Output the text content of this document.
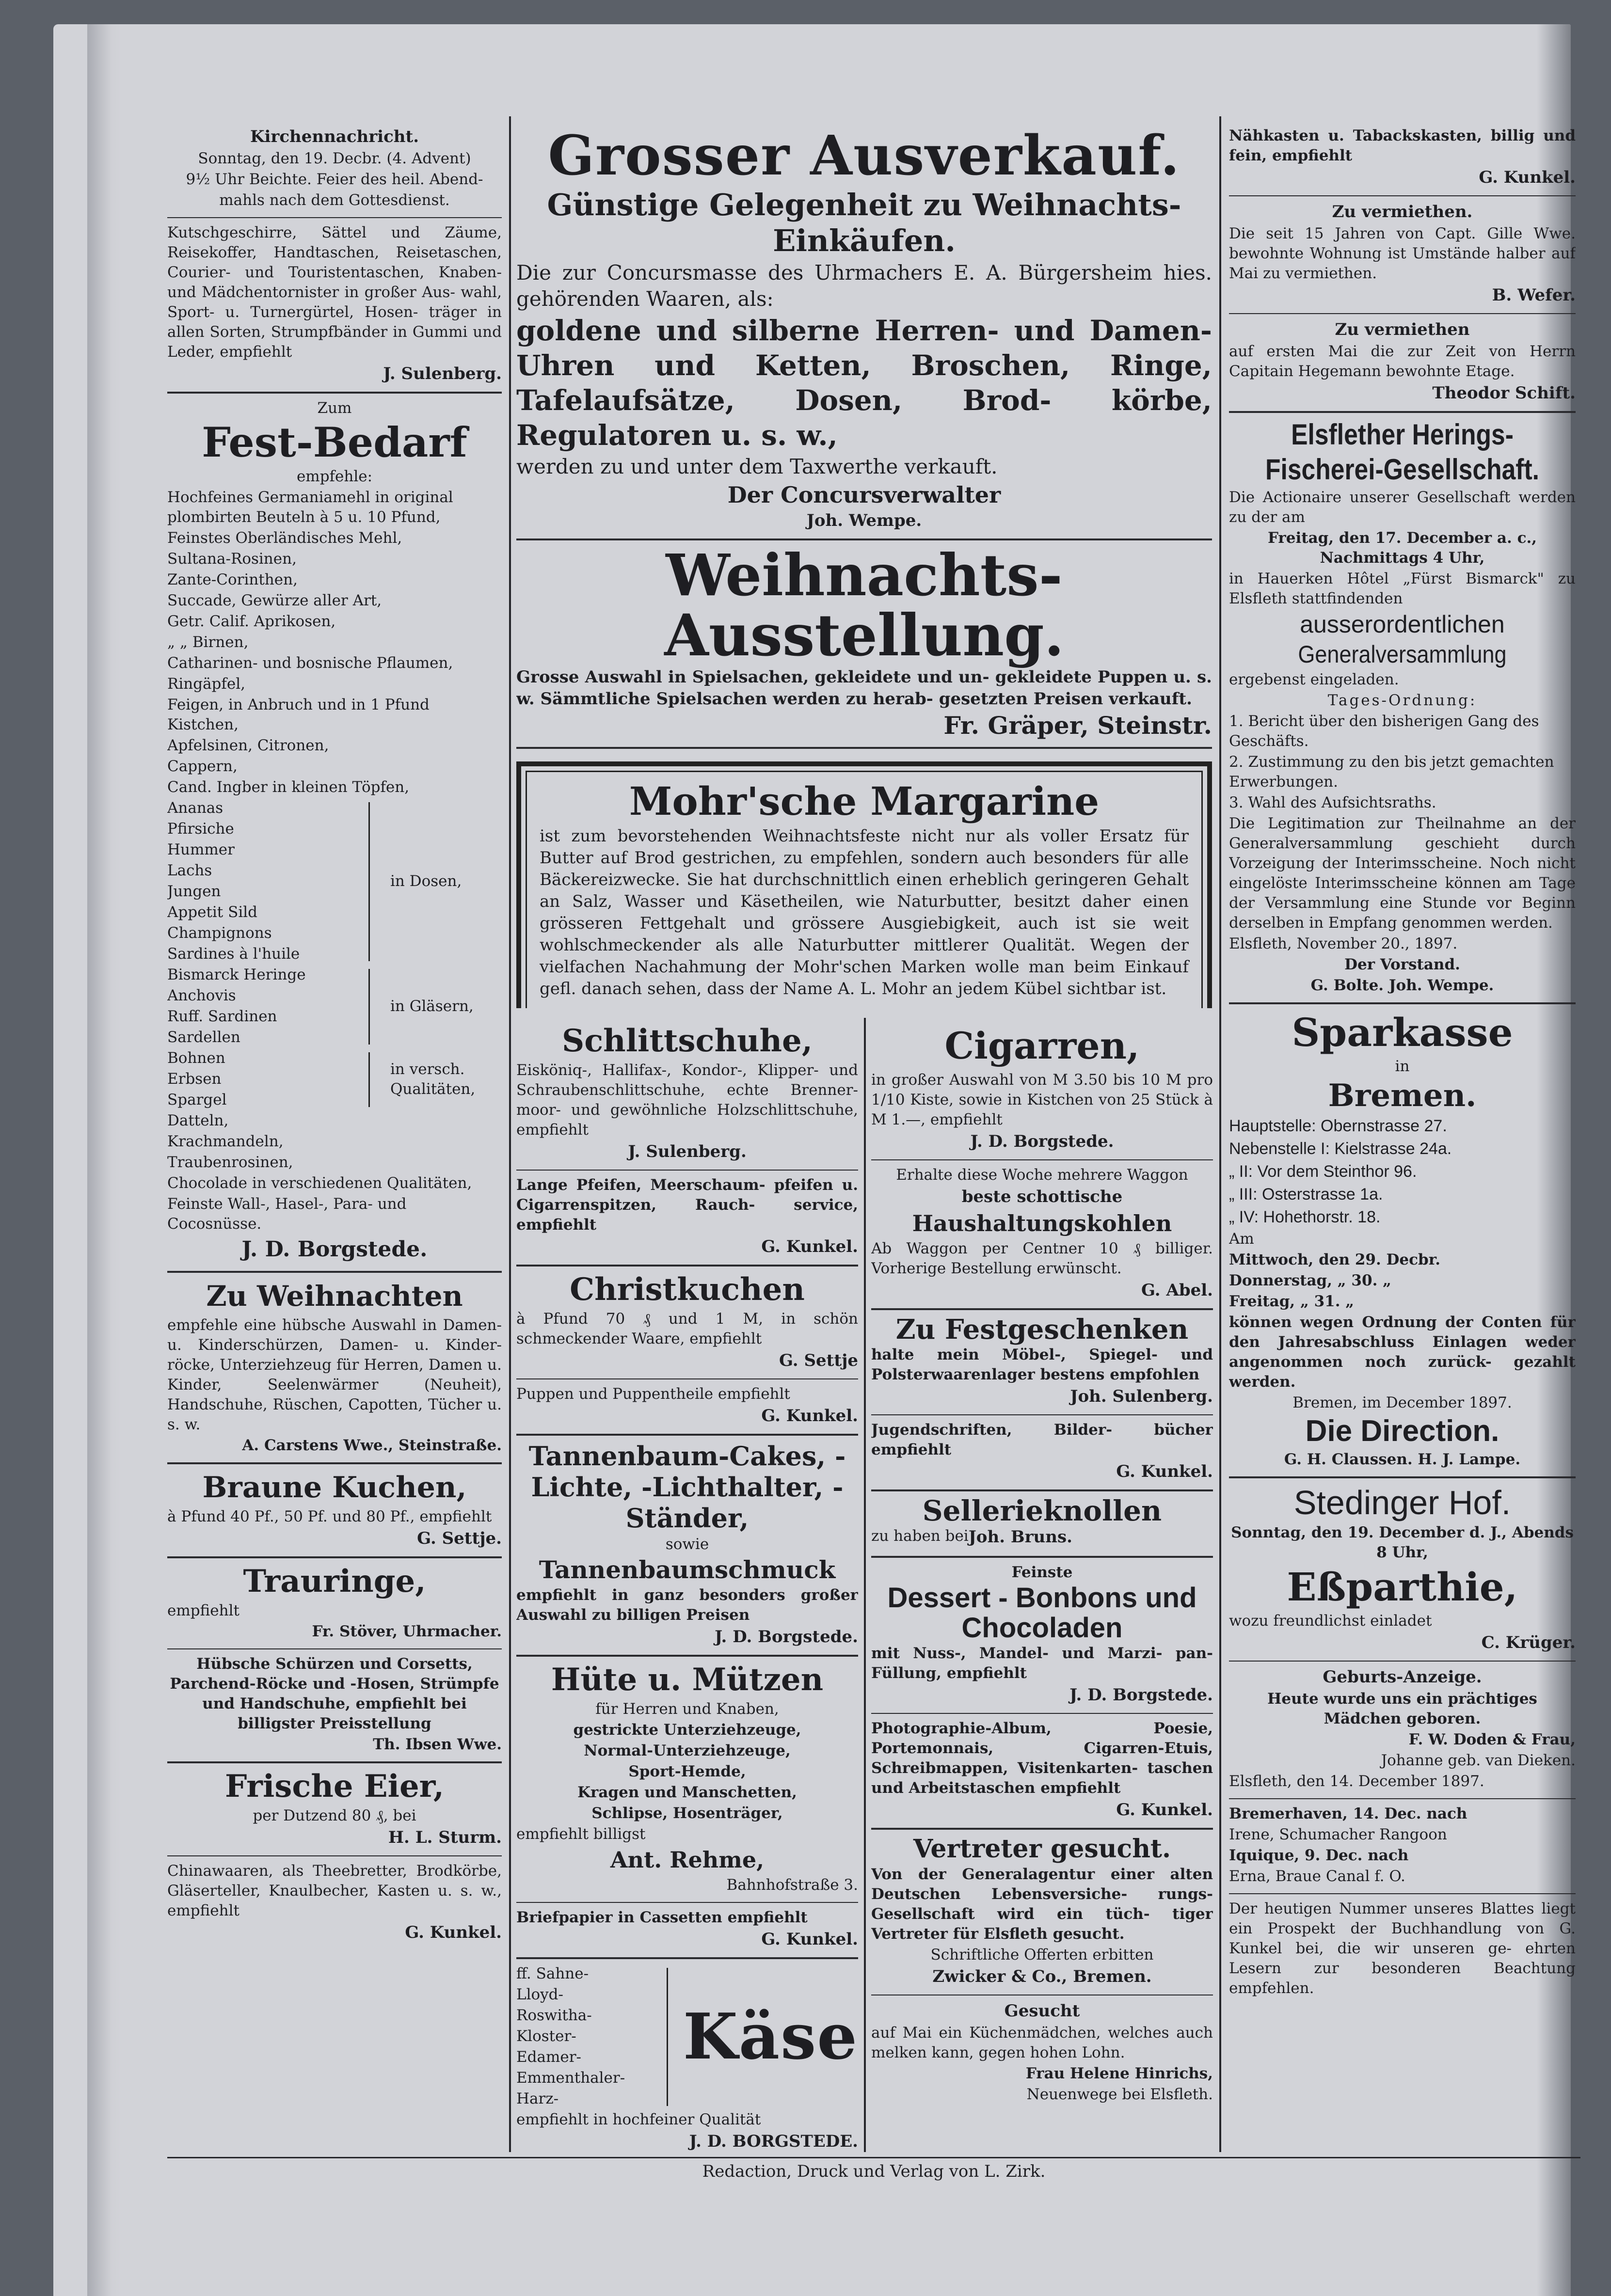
Kirchennachricht.

Sonntag, den 19. Decbr. (4. Advent)

9½ Uhr Beichte. Feier des heil. Abend-

mahls nach dem Gottesdienst.

Kutschgeschirre, Sättel und Zäume, Reisekoffer, Handtaschen, Reisetaschen, Courier- und Touristentaschen, Knaben- und Mädchentornister in großer Aus- wahl, Sport- u. Turnergürtel, Hosen- träger in allen Sorten, Strumpfbänder in Gummi und Leder, empfiehlt

J. Sulenberg.

Zum

Fest-Bedarf

empfehle:

Hochfeines Germaniamehl in original plombirten Beuteln à 5 u. 10 Pfund,

Feinstes Oberländisches Mehl,

Sultana-Rosinen,

Zante-Corinthen,

Succade, Gewürze aller Art,

Getr. Calif. Aprikosen,

„ „ Birnen,

Catharinen- und bosnische Pflaumen,

Ringäpfel,

Feigen, in Anbruch und in 1 Pfund Kistchen,

Apfelsinen, Citronen,

Cappern,

Cand. Ingber in kleinen Töpfen,

Ananas

Pfirsiche

Hummer

Lachs

Jungen

Appetit Sild

Champignons

Sardines à l'huile

in Dosen,

Bismarck Heringe

Anchovis

Ruff. Sardinen

Sardellen

in Gläsern,

Bohnen

Erbsen

Spargel

in versch. Qualitäten,

Datteln,

Krachmandeln,

Traubenrosinen,

Chocolade in verschiedenen Qualitäten,

Feinste Wall-, Hasel-, Para- und Cocosnüsse.

J. D. Borgstede.

Zu Weihnachten

empfehle eine hübsche Auswahl in Damen- u. Kinderschürzen, Damen- u. Kinder- röcke, Unterziehzeug für Herren, Damen u. Kinder, Seelenwärmer (Neuheit), Handschuhe, Rüschen, Capotten, Tücher u. s. w.

A. Carstens Wwe., Steinstraße.

Braune Kuchen,

à Pfund 40 Pf., 50 Pf. und 80 Pf., empfiehlt

G. Settje.

Trauringe,

empfiehlt

Fr. Stöver, Uhrmacher.

Hübsche Schürzen und Corsetts, Parchend-Röcke und -Hosen, Strümpfe und Handschuhe, empfiehlt bei billigster Preisstellung

Th. Ibsen Wwe.

Frische Eier,

per Dutzend 80 ₰, bei

H. L. Sturm.

Chinawaaren, als Theebretter, Brodkörbe, Gläserteller, Knaulbecher, Kasten u. s. w., empfiehlt

G. Kunkel.

Grosser Ausverkauf.

Günstige Gelegenheit zu Weihnachts-Einkäufen.

Die zur Concursmasse des Uhrmachers E. A. Bürgersheim hies. gehörenden Waaren, als:

goldene und silberne Herren- und Damen-Uhren und Ketten, Broschen, Ringe, Tafelaufsätze, Dosen, Brod- körbe, Regulatoren u. s. w.,

werden zu und unter dem Taxwerthe verkauft.

Der Concursverwalter

Joh. Wempe.

Weihnachts-Ausstellung.

Grosse Auswahl in Spielsachen, gekleidete und un- gekleidete Puppen u. s. w. Sämmtliche Spielsachen werden zu herab- gesetzten Preisen verkauft.

Fr. Gräper, Steinstr.

Mohr'sche Margarine

ist zum bevorstehenden Weihnachtsfeste nicht nur als voller Ersatz für Butter auf Brod gestrichen, zu empfehlen, sondern auch besonders für alle Bäckereizwecke. Sie hat durchschnittlich einen erheblich geringeren Gehalt an Salz, Wasser und Käsetheilen, wie Naturbutter, besitzt daher einen grösseren Fettgehalt und grössere Ausgiebigkeit, auch ist sie weit wohlschmeckender als alle Naturbutter mittlerer Qualität. Wegen der vielfachen Nachahmung der Mohr'schen Marken wolle man beim Einkauf gefl. danach sehen, dass der Name A. L. Mohr an jedem Kübel sichtbar ist.

Schlittschuhe,

Eisköniq-, Hallifax-, Kondor-, Klipper- und Schraubenschlittschuhe, echte Brenner- moor- und gewöhnliche Holzschlittschuhe, empfiehlt

J. Sulenberg.

Lange Pfeifen, Meerschaum- pfeifen u. Cigarrenspitzen, Rauch- service, empfiehlt

G. Kunkel.

Christkuchen

à Pfund 70 ₰ und 1 M, in schön schmeckender Waare, empfiehlt

G. Settje

Puppen und Puppentheile empfiehlt

G. Kunkel.

Tannenbaum-Cakes, -Lichte, -Lichthalter, -Ständer,

sowie

Tannenbaumschmuck

empfiehlt in ganz besonders großer Auswahl zu billigen Preisen

J. D. Borgstede.

Hüte u. Mützen

für Herren und Knaben,

gestrickte Unterziehzeuge,

Normal-Unterziehzeuge,

Sport-Hemde,

Kragen und Manschetten,

Schlipse, Hosenträger,

empfiehlt billigst

Ant. Rehme,

Bahnhofstraße 3.

Briefpapier in Cassetten empfiehlt

G. Kunkel.

ff. Sahne-

Lloyd-

Roswitha-

Kloster-

Edamer-

Emmenthaler-

Harz-

Käse

empfiehlt in hochfeiner Qualität

J. D. BORGSTEDE.

Cigarren,

in großer Auswahl von M 3.50 bis 10 M pro 1/10 Kiste, sowie in Kistchen von 25 Stück à M 1.—, empfiehlt

J. D. Borgstede.

Erhalte diese Woche mehrere Waggon

beste schottische

Haushaltungskohlen

Ab Waggon per Centner 10 ₰ billiger. Vorherige Bestellung erwünscht.

G. Abel.

Zu Festgeschenken

halte mein Möbel-, Spiegel- und Polsterwaarenlager bestens empfohlen

Joh. Sulenberg.

Jugendschriften, Bilder- bücher empfiehlt

G. Kunkel.

Sellerieknollen

zu haben bei Joh. Bruns.

Feinste

Dessert - Bonbons und

Chocoladen

mit Nuss-, Mandel- und Marzi- pan-Füllung, empfiehlt

J. D. Borgstede.

Photographie-Album, Poesie, Portemonnais, Cigarren-Etuis, Schreibmappen, Visitenkarten- taschen und Arbeitstaschen empfiehlt

G. Kunkel.

Vertreter gesucht.

Von der Generalagentur einer alten Deutschen Lebensversiche- rungs-Gesellschaft wird ein tüch- tiger Vertreter für Elsfleth gesucht.

Schriftliche Offerten erbitten

Zwicker & Co., Bremen.

Gesucht

auf Mai ein Küchenmädchen, welches auch melken kann, gegen hohen Lohn.

Frau Helene Hinrichs,

Neuenwege bei Elsfleth.

Nähkasten u. Tabackskasten, billig und fein, empfiehlt

G. Kunkel.

Zu vermiethen.

Die seit 15 Jahren von Capt. Gille Wwe. bewohnte Wohnung ist Umstände halber auf Mai zu vermiethen.

B. Wefer.

Zu vermiethen

auf ersten Mai die zur Zeit von Herrn Capitain Hegemann bewohnte Etage.

Theodor Schift.

Elsflether Herings-

Fischerei-Gesellschaft.

Die Actionaire unserer Gesellschaft werden zu der am

Freitag, den 17. December a. c., Nachmittags 4 Uhr,

in Hauerken Hôtel „Fürst Bismarck" zu Elsfleth stattfindenden

ausserordentlichen

Generalversammlung

ergebenst eingeladen.

Tages-Ordnung:

1. Bericht über den bisherigen Gang des Geschäfts.

2. Zustimmung zu den bis jetzt gemachten Erwerbungen.

3. Wahl des Aufsichtsraths.

Die Legitimation zur Theilnahme an der Generalversammlung geschieht durch Vorzeigung der Interimsscheine. Noch nicht eingelöste Interimsscheine können am Tage der Versammlung eine Stunde vor Beginn derselben in Empfang genommen werden.

Elsfleth, November 20., 1897.

Der Vorstand.

G. Bolte. Joh. Wempe.

Sparkasse

in

Bremen.

Hauptstelle: Obernstrasse 27.

Nebenstelle I: Kielstrasse 24a.

„ II: Vor dem Steinthor 96.

„ III: Osterstrasse 1a.

„ IV: Hohethorstr. 18.

Am

Mittwoch, den 29. Decbr.

Donnerstag, „ 30. „

Freitag, „ 31. „

können wegen Ordnung der Conten für den Jahresabschluss Einlagen weder angenommen noch zurück- gezahlt werden.

Bremen, im December 1897.

Die Direction.

G. H. Claussen. H. J. Lampe.

Stedinger Hof.

Sonntag, den 19. December d. J., Abends 8 Uhr,

Eßparthie,

wozu freundlichst einladet

C. Krüger.

Geburts-Anzeige.

Heute wurde uns ein prächtiges Mädchen geboren.

F. W. Doden & Frau,

Johanne geb. van Dieken.

Elsfleth, den 14. December 1897.

Bremerhaven, 14. Dec. nach

Irene, Schumacher Rangoon

Iquique, 9. Dec. nach

Erna, Braue Canal f. O.

Der heutigen Nummer unseres Blattes liegt ein Prospekt der Buchhandlung von G. Kunkel bei, die wir unseren ge- ehrten Lesern zur besonderen Beachtung empfehlen.

Redaction, Druck und Verlag von L. Zirk.
